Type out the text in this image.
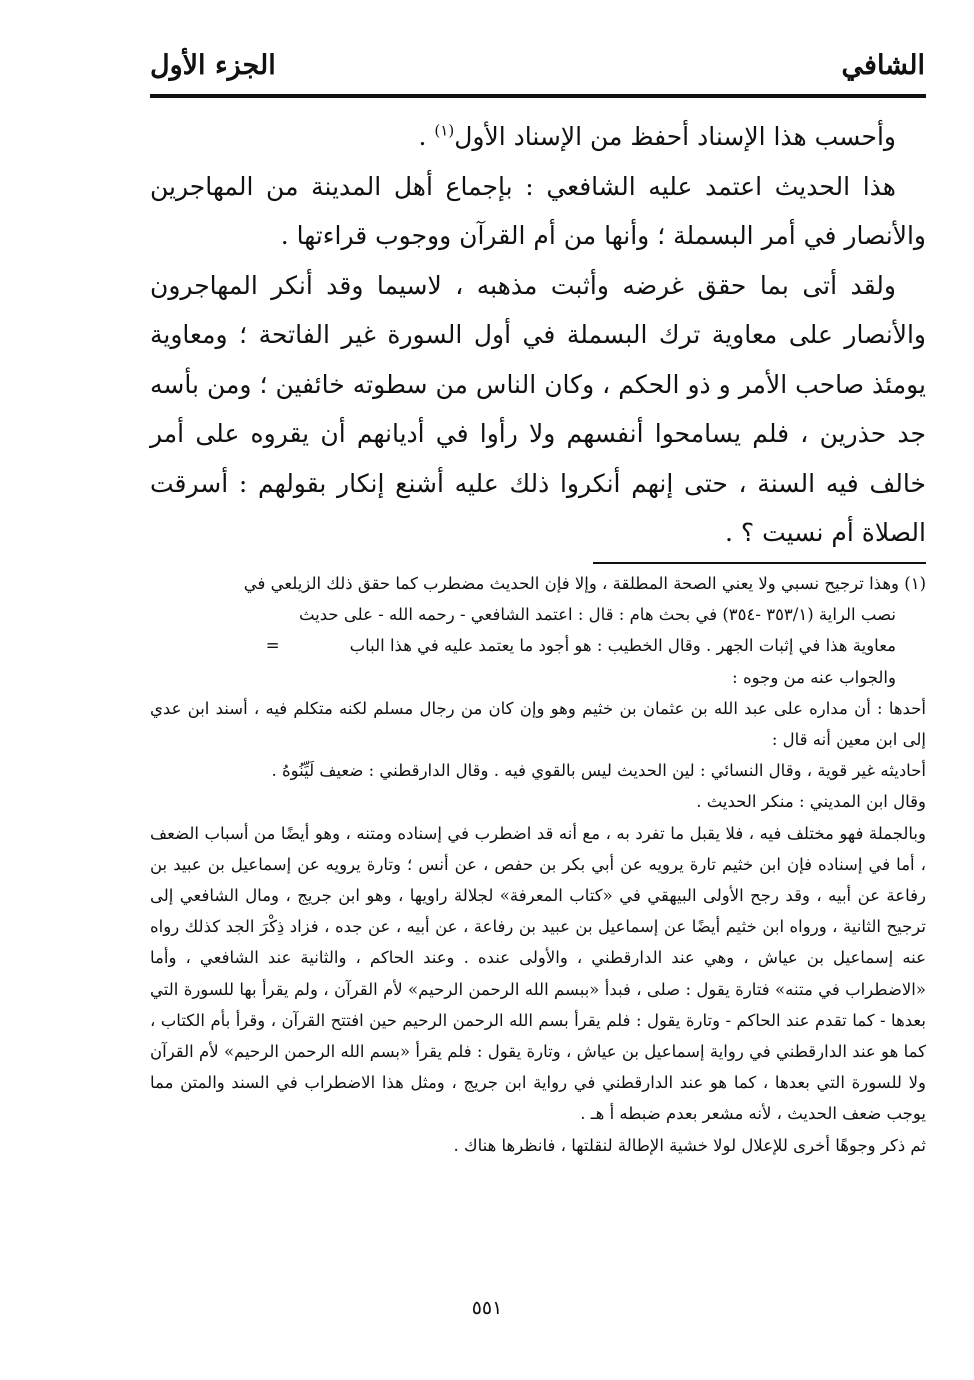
الشافي
الجزء الأول

وأحسب هذا الإسناد أحفظ من الإسناد الأول$^{(١)}$ .

هذا الحديث اعتمد عليه الشافعي : بإجماع أهل المدينة من المهاجرين والأنصار في أمر البسملة ؛ وأنها من أم القرآن ووجوب قراءتها .

ولقد أتى بما حقق غرضه وأثبت مذهبه ، لاسيما وقد أنكر المهاجرون والأنصار على معاوية ترك البسملة في أول السورة غير الفاتحة ؛ ومعاوية يومئذ صاحب الأمر و ذو الحكم ، وكان الناس من سطوته خائفين ؛ ومن بأسه جد حذرين ، فلم يسامحوا أنفسهم ولا رأوا في أديانهم أن يقروه على أمر خالف فيه السنة ، حتى إنهم أنكروا ذلك عليه أشنع إنكار بقولهم : أسرقت الصلاة أم نسيت ؟ .

(١) وهذا ترجيح نسبي ولا يعني الصحة المطلقة ، وإلا فإن الحديث مضطرب كما حقق ذلك الزيلعي في

نصب الراية (٣٥٣/١ -٣٥٤) في بحث هام : قال : اعتمد الشافعي - رحمه الله - على حديث

معاوية هذا في إثبات الجهر . وقال الخطيب : هو أجود ما يعتمد عليه في هذا الباب=

والجواب عنه من وجوه :

أحدها : أن مداره على عبد الله بن عثمان بن خثيم وهو وإن كان من رجال مسلم لكنه متكلم فيه ، أسند ابن عدي إلى ابن معين أنه قال :

أحاديثه غير قوية ، وقال النسائي : لين الحديث ليس بالقوي فيه . وقال الدارقطني : ضعيف لَيِّنُوهُ .

وقال ابن المديني : منكر الحديث .

وبالجملة فهو مختلف فيه ، فلا يقبل ما تفرد به ، مع أنه قد اضطرب في إسناده ومتنه ، وهو أيضًا من أسباب الضعف ، أما في إسناده فإن ابن خثيم تارة يرويه عن أبي بكر بن حفص ، عن أنس ؛ وتارة يرويه عن إسماعيل بن عبيد بن رفاعة عن أبيه ، وقد رجح الأولى البيهقي في «كتاب المعرفة» لجلالة راويها ، وهو ابن جريج ، ومال الشافعي إلى ترجيح الثانية ، ورواه ابن خثيم أيضًا عن إسماعيل بن عبيد بن رفاعة ، عن أبيه ، عن جده ، فزاد ذِكْرَ الجد كذلك رواه عنه إسماعيل بن عياش ، وهي عند الدارقطني ، والأولى عنده . وعند الحاكم ، والثانية عند الشافعي ، وأما «الاضطراب في متنه» فتارة يقول : صلى ، فبدأ «ببسم الله الرحمن الرحيم» لأم القرآن ، ولم يقرأ بها للسورة التي بعدها - كما تقدم عند الحاكم - وتارة يقول : فلم يقرأ بسم الله الرحمن الرحيم حين افتتح القرآن ، وقرأ بأم الكتاب ، كما هو عند الدارقطني في رواية إسماعيل بن عياش ، وتارة يقول : فلم يقرأ «بسم الله الرحمن الرحيم» لأم القرآن ولا للسورة التي بعدها ، كما هو عند الدارقطني في رواية ابن جريج ، ومثل هذا الاضطراب في السند والمتن مما يوجب ضعف الحديث ، لأنه مشعر بعدم ضبطه أ هـ .

ثم ذكر وجوهًا أخرى للإعلال لولا خشية الإطالة لنقلتها ، فانظرها هناك .

٥٥١
